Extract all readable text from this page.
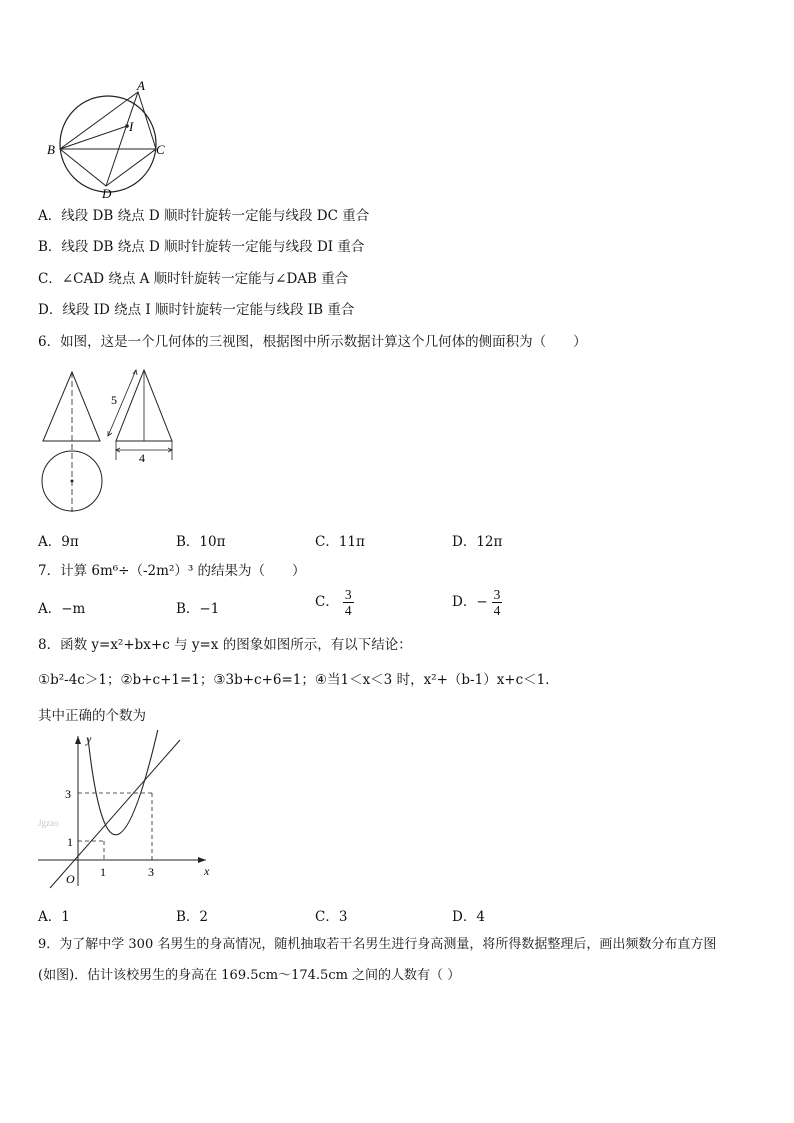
A
I
B	C
D
A．线段 DB 绕点 D 顺时针旋转一定能与线段 DC 重合
B．线段 DB 绕点 D 顺时针旋转一定能与线段 DI 重合
C．∠CAD 绕点 A 顺时针旋转一定能与∠DAB 重合
D．线段 ID 绕点 I 顺时针旋转一定能与线段 IB 重合
6．如图，这是一个几何体的三视图，根据图中所示数据计算这个几何体的侧面积为（　　）
5
4
A．9π	B．10π	C．11π	D．12π
7．计算 6m⁶÷（-2m²）³ 的结果为（　　）
A．−m	B．−1	C． $\frac{3}{4}$	D．− $\frac{3}{4}$
8．函数 y=x²+bx+c 与 y=x 的图象如图所示，有以下结论：
①b²-4c＞1；②b+c+1=1；③3b+c+6=1；④当1＜x＜3 时，x²+（b-1）x+c＜1．
其中正确的个数为
y
x
O
3
1
1	3
Jgzao
A．1	B．2	C．3	D．4
9．为了解中学 300 名男生的身高情况，随机抽取若干名男生进行身高测量，将所得数据整理后，画出频数分布直方图
(如图)．估计该校男生的身高在 169.5cm～174.5cm 之间的人数有（ ）
